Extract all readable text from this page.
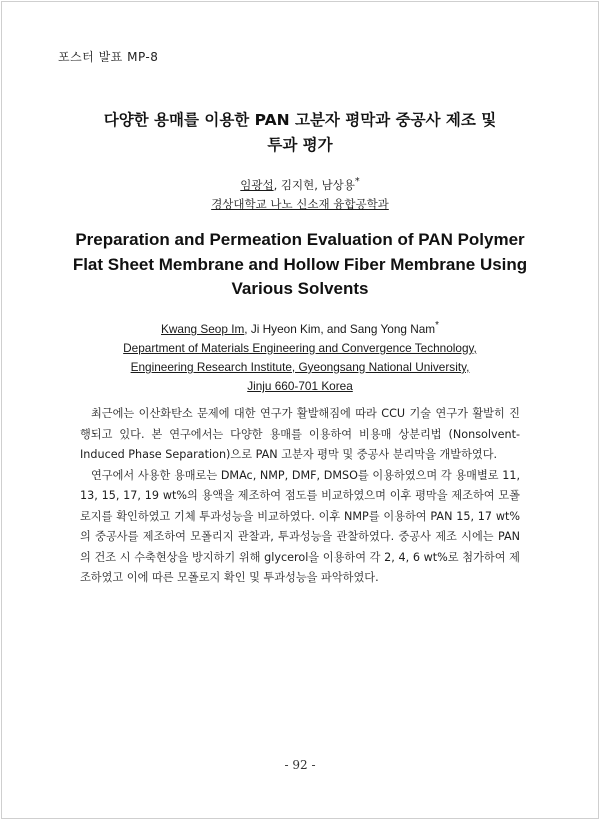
포스터 발표 MP-8
다양한 용매를 이용한 PAN 고분자 평막과 중공사 제조 및
투과 평가
임광섭, 김지현, 남상용*
경상대학교 나노 신소재 융합공학과
Preparation and Permeation Evaluation of PAN Polymer
Flat Sheet Membrane and Hollow Fiber Membrane Using
Various Solvents
Kwang Seop Im, Ji Hyeon Kim, and Sang Yong Nam*
Department of Materials Engineering and Convergence Technology,
Engineering Research Institute, Gyeongsang National University,
Jinju 660-701 Korea

최근에는 이산화탄소 문제에 대한 연구가 활발해짐에 따라 CCU 기술 연구가 활발히 진행되고 있다. 본 연구에서는 다양한 용매를 이용하여 비용매 상분리법 (Nonsolvent-Induced Phase Separation)으로 PAN 고분자 평막 및 중공사 분리막을 개발하였다.

연구에서 사용한 용매로는 DMAc, NMP, DMF, DMSO를 이용하였으며 각 용매별로 11, 13, 15, 17, 19 wt%의 용액을 제조하여 점도를 비교하였으며 이후 평막을 제조하여 모폴로지를 확인하였고 기체 투과성능을 비교하였다. 이후 NMP를 이용하여 PAN 15, 17 wt%의 중공사를 제조하여 모폴리지 관찰과, 투과성능을 관찰하였다. 중공사 제조 시에는 PAN의 건조 시 수축현상을 방지하기 위해 glycerol을 이용하여 각 2, 4, 6 wt%로 첨가하여 제조하였고 이에 따른 모폴로지 확인 및 투과성능을 파악하였다.

- 92 -
